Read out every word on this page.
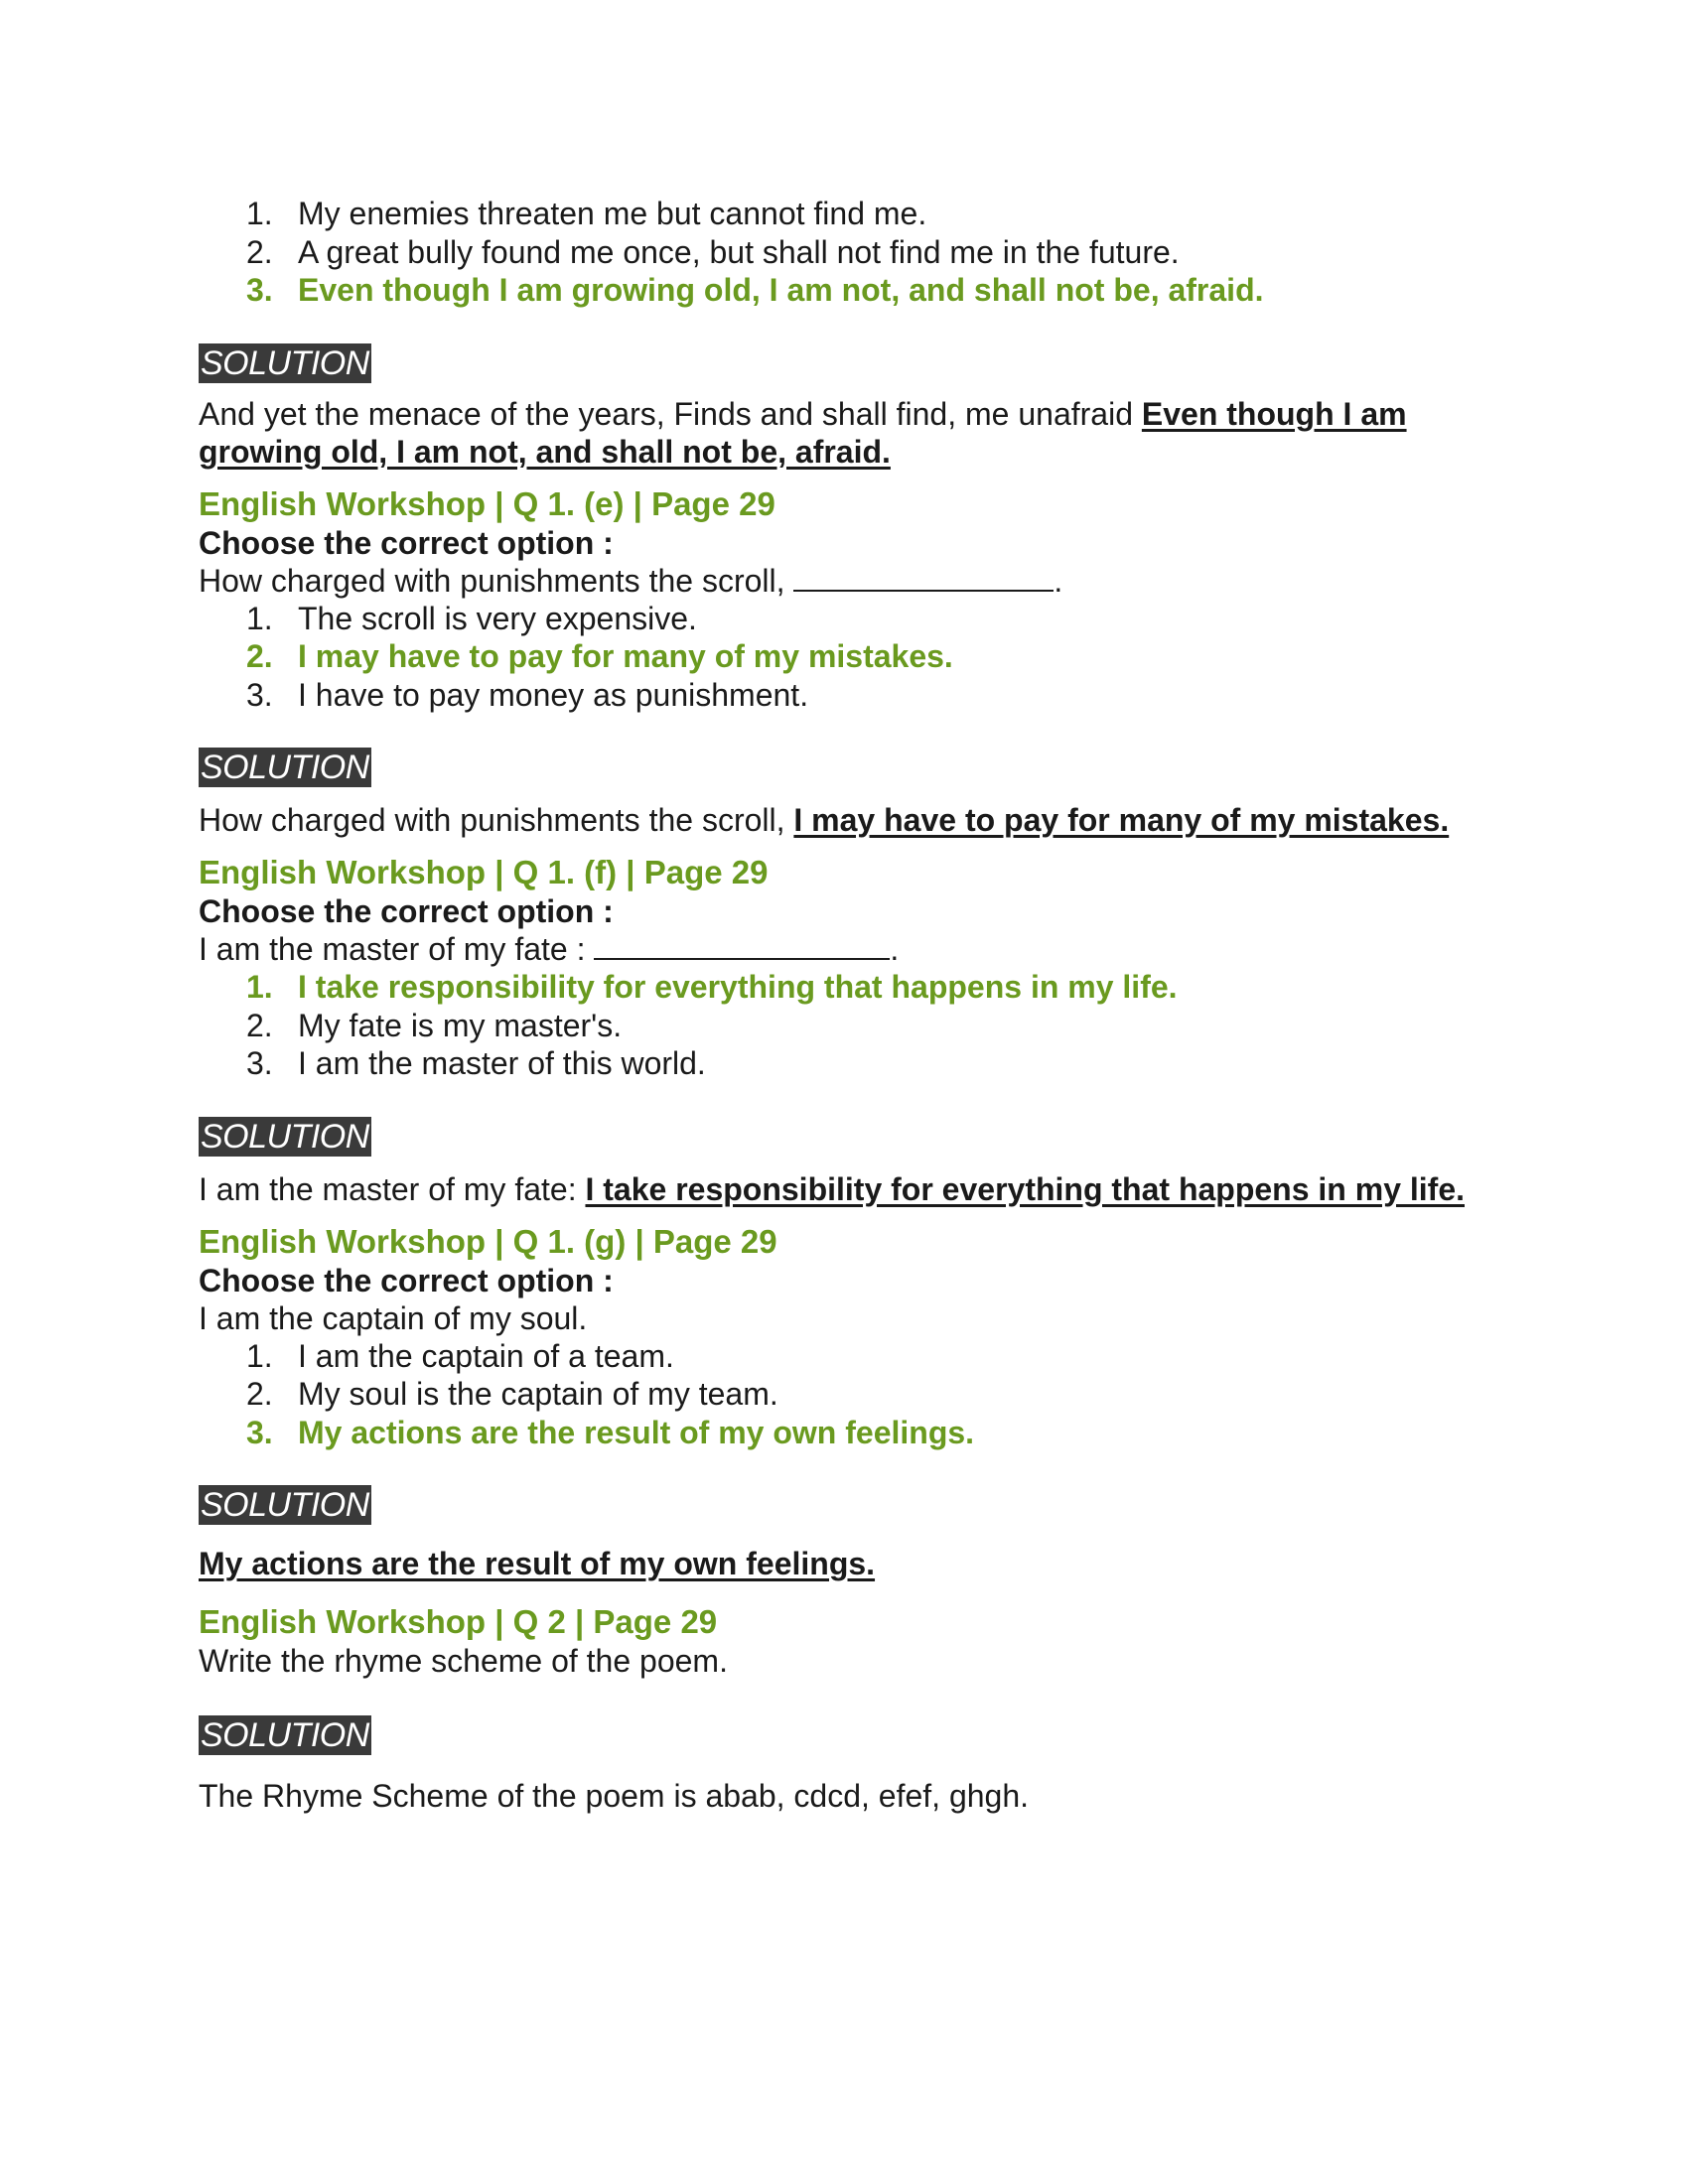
1. My enemies threaten me but cannot find me.
2. A great bully found me once, but shall not find me in the future.
3. Even though I am growing old, I am not, and shall not be, afraid.
SOLUTION

And yet the menace of the years, Finds and shall find, me unafraid Even though I am growing old, I am not, and shall not be, afraid.

English Workshop | Q 1. (e) | Page 29

Choose the correct option :

How charged with punishments the scroll,	.

1. The scroll is very expensive.
2. I may have to pay for many of my mistakes.
3. I have to pay money as punishment.
SOLUTION

How charged with punishments the scroll, I may have to pay for many of my mistakes.

English Workshop | Q 1. (f) | Page 29

Choose the correct option :

I am the master of my fate :	.

1. I take responsibility for everything that happens in my life.
2. My fate is my master's.
3. I am the master of this world.
SOLUTION

I am the master of my fate: I take responsibility for everything that happens in my life.

English Workshop | Q 1. (g) | Page 29

Choose the correct option :

I am the captain of my soul.

1. I am the captain of a team.
2. My soul is the captain of my team.
3. My actions are the result of my own feelings.
SOLUTION

My actions are the result of my own feelings.

English Workshop | Q 2 | Page 29

Write the rhyme scheme of the poem.

SOLUTION

The Rhyme Scheme of the poem is abab, cdcd, efef, ghgh.
